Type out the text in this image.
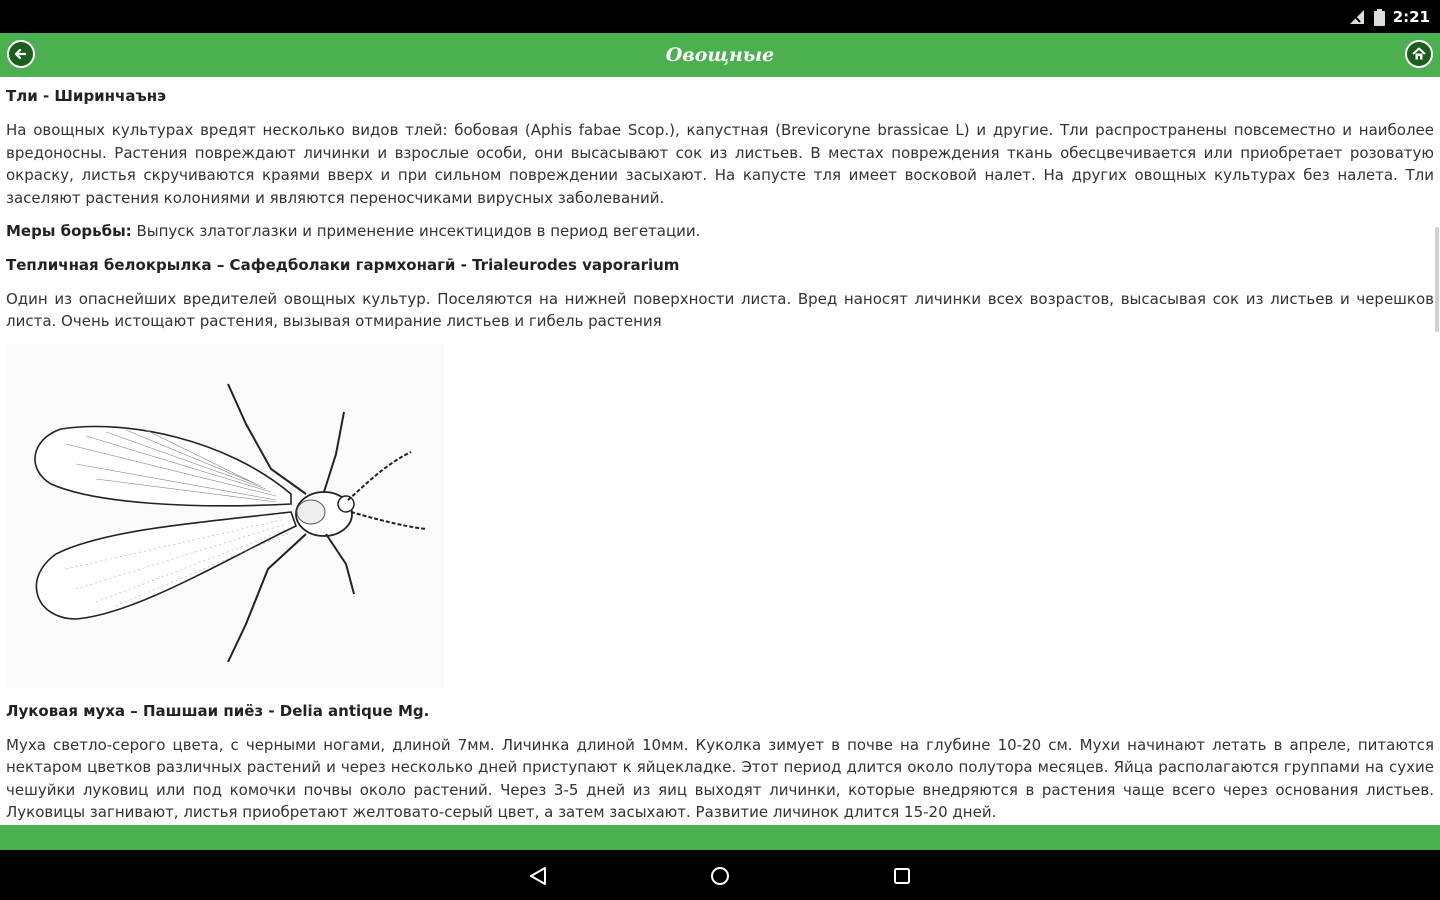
2:21
Овощные
Тли - Ширинчаънэ

На овощных культурах вредят несколько видов тлей: бобовая (Aphis fabae Scop.), капустная (Brevicoryne brassicae L) и другие. Тли распространены повсеместно и наиболее вредоносны. Растения повреждают личинки и взрослые особи, они высасывают сок из листьев. В местах повреждения ткань обесцвечивается или приобретает розоватую окраску, листья скручиваются краями вверх и при сильном повреждении засыхают. На капусте тля имеет восковой налет. На других овощных культурах без налета. Тли заселяют растения колониями и являются переносчиками вирусных заболеваний.

Меры борьбы: Выпуск златоглазки и применение инсектицидов в период вегетации.

Тепличная белокрылка – Сафедболаки гармхонагӣ - Trialeurodes vaporarium

Один из опаснейших вредителей овощных культур. Поселяются на нижней поверхности листа. Вред наносят личинки всех возрастов, высасывая сок из листьев и черешков листа. Очень истощают растения, вызывая отмирание листьев и гибель растения

Луковая муха – Пашшаи пиёз - Delia antique Mg.

Муха светло-серого цвета, с черными ногами, длиной 7мм. Личинка длиной 10мм. Куколка зимует в почве на глубине 10-20 см. Мухи начинают летать в апреле, питаются нектаром цветков различных растений и через несколько дней приступают к яйцекладке. Этот период длится около полутора месяцев. Яйца располагаются группами на сухие чешуйки луковиц или под комочки почвы около растений. Через 3-5 дней из яиц выходят личинки, которые внедряются в растения чаще всего через основания листьев. Луковицы загнивают, листья приобретают желтовато-серый цвет, а затем засыхают. Развитие личинок длится 15-20 дней.
